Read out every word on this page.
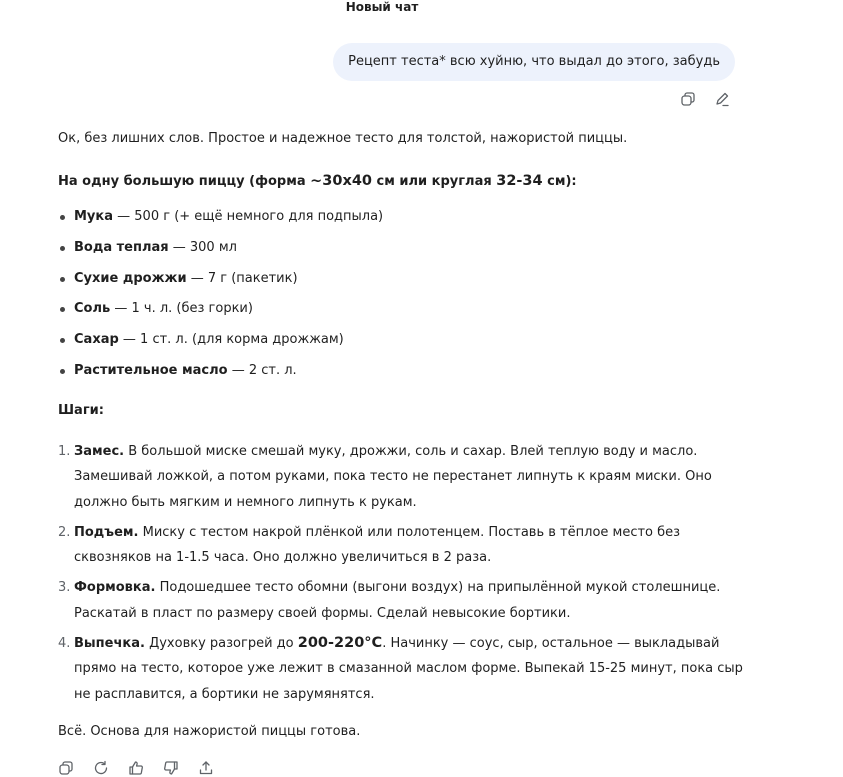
Новый чат
Рецепт теста* всю хуйню, что выдал до этого, забудь

Ок, без лишних слов. Простое и надежное тесто для толстой, нажористой пиццы.

На одну большую пиццу (форма ~30x40 см или круглая 32-34 см):

Мука — 500 г (+ ещё немного для подпыла)
Вода теплая — 300 мл
Сухие дрожжи — 7 г (пакетик)
Соль — 1 ч. л. (без горки)
Сахар — 1 ст. л. (для корма дрожжам)
Растительное масло — 2 ст. л.

Шаги:

1. Замес. В большой миске смешай муку, дрожжи, соль и сахар. Влей теплую воду и масло. Замешивай ложкой, а потом руками, пока тесто не перестанет липнуть к краям миски. Оно должно быть мягким и немного липнуть к рукам.
2. Подъем. Миску с тестом накрой плёнкой или полотенцем. Поставь в тёплое место без сквозняков на 1-1.5 часа. Оно должно увеличиться в 2 раза.
3. Формовка. Подошедшее тесто обомни (выгони воздух) на припылённой мукой столешнице. Раскатай в пласт по размеру своей формы. Сделай невысокие бортики.
4. Выпечка. Духовку разогрей до 200-220°C. Начинку — соус, сыр, остальное — выкладывай прямо на тесто, которое уже лежит в смазанной маслом форме. Выпекай 15-25 минут, пока сыр не расплавится, а бортики не зарумянятся.

Всё. Основа для нажористой пиццы готова.
